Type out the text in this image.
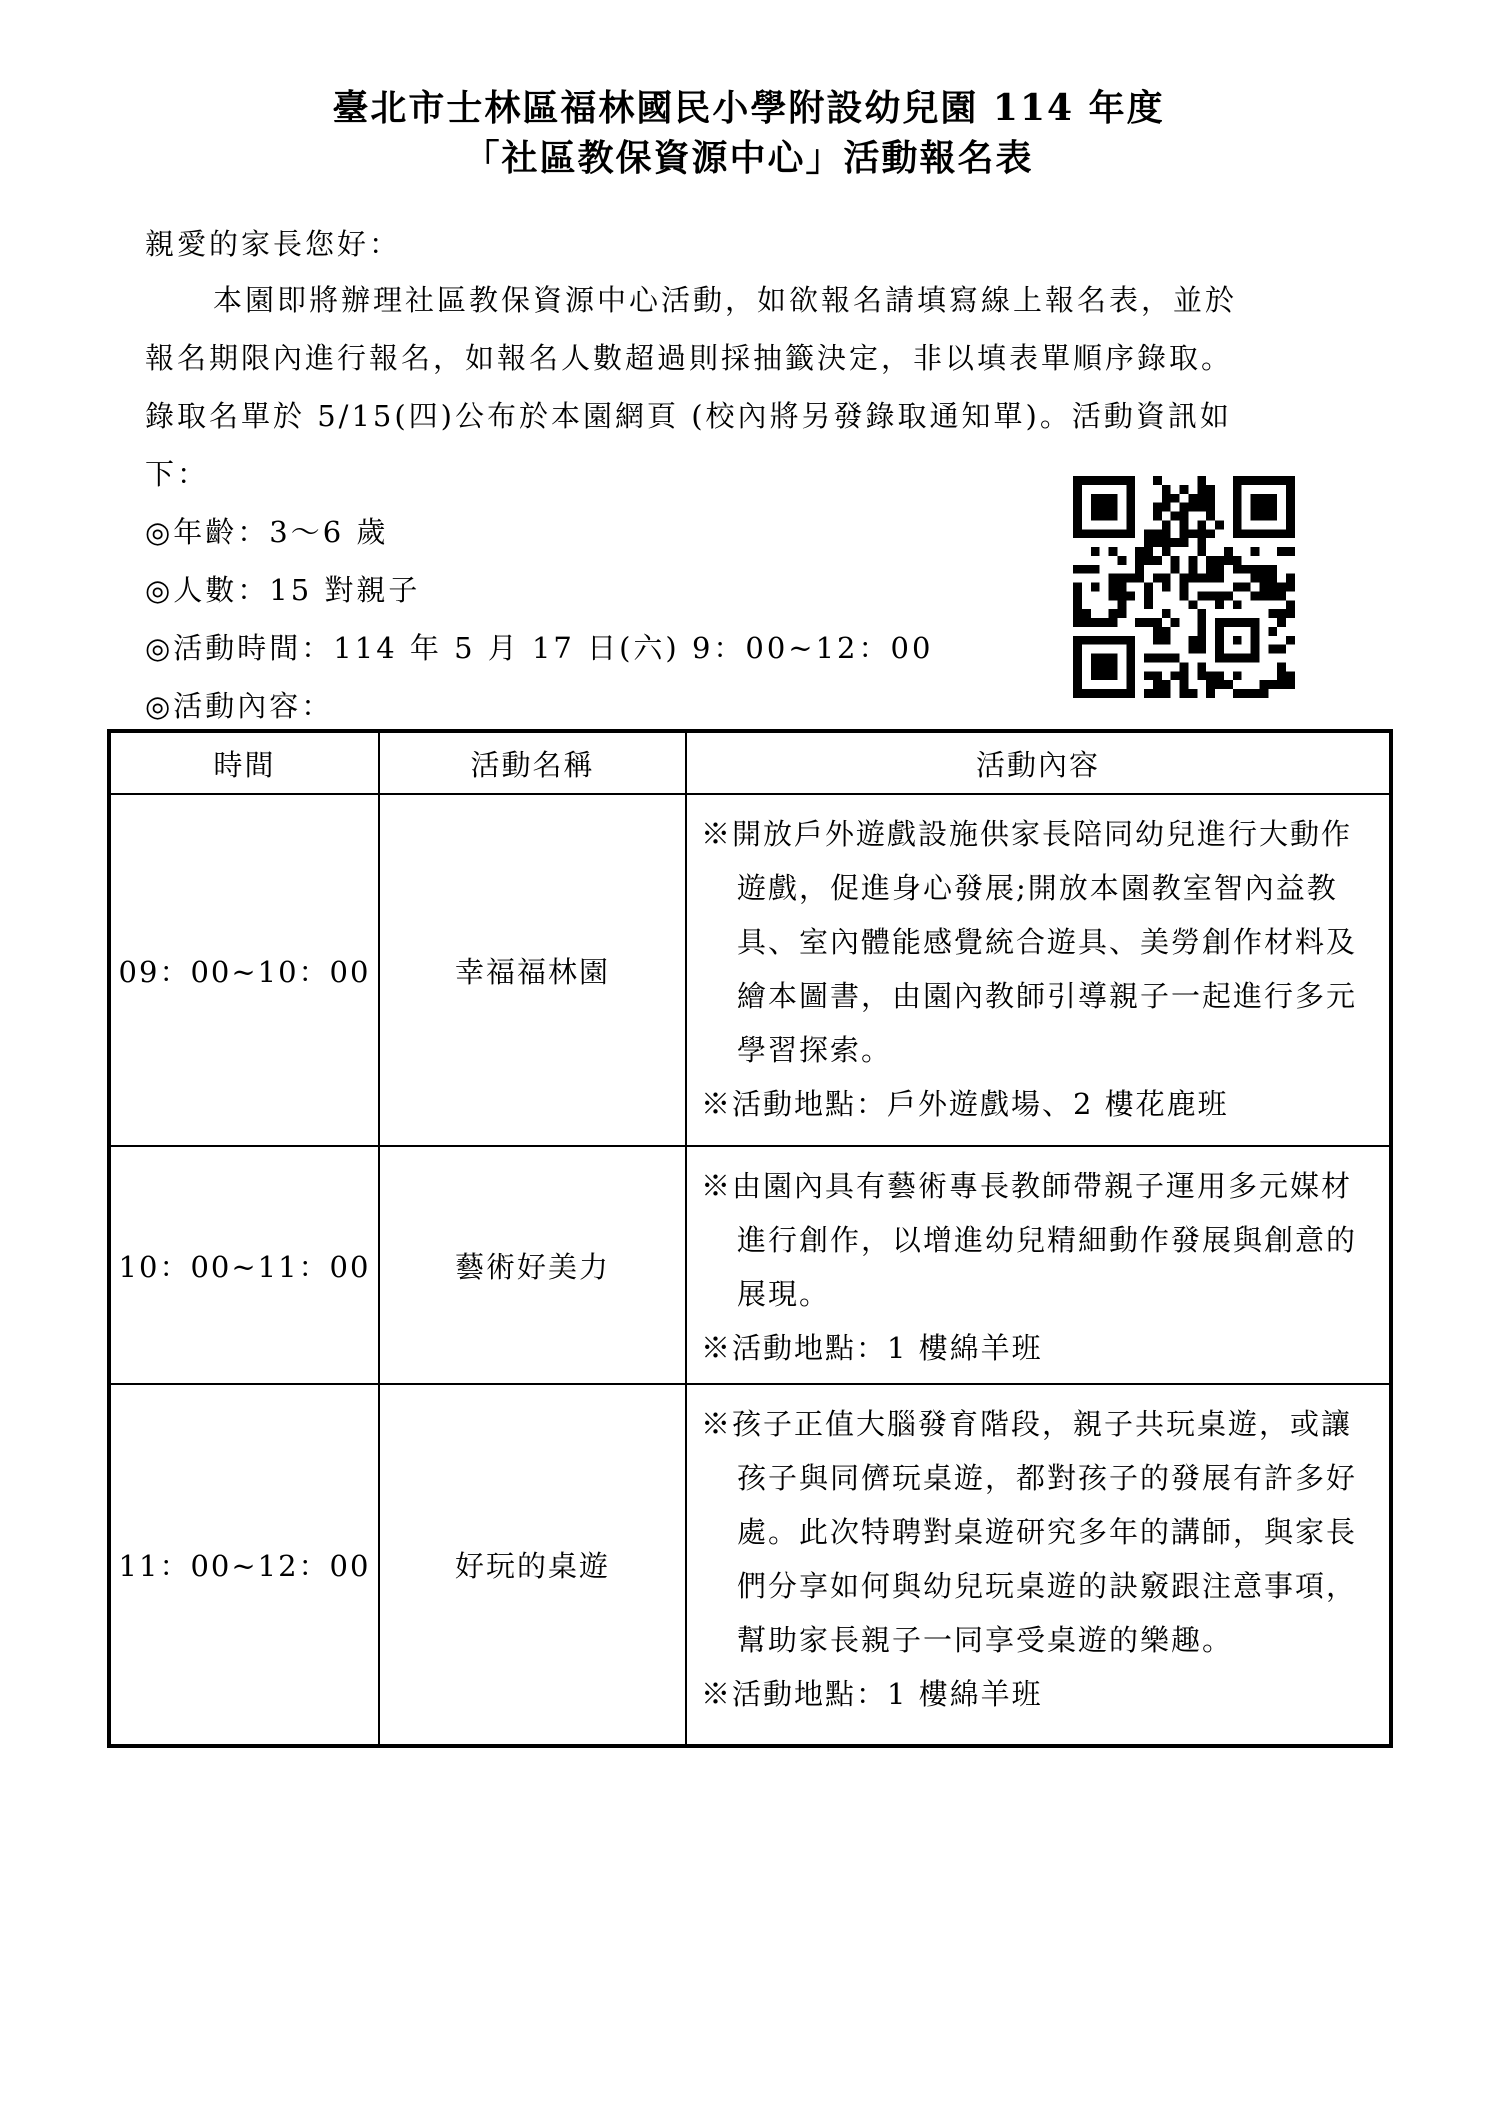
臺北市士林區福林國民小學附設幼兒園 114 年度
「社區教保資源中心」活動報名表
親愛的家長您好：
本園即將辦理社區教保資源中心活動，如欲報名請填寫線上報名表，並於
報名期限內進行報名，如報名人數超過則採抽籤決定，非以填表單順序錄取。
錄取名單於 5/15(四)公布於本園網頁 (校內將另發錄取通知單)。活動資訊如
下：
◎年齡：3～6 歲
◎人數：15 對親子
◎活動時間：114 年 5 月 17 日(六) 9：00~12：00
◎活動內容：
時間	活動名稱	活動內容
09：00~10：00	幸福福林園	※開放戶外遊戲設施供家長陪同幼兒進行大動作遊戲，促進身心發展;開放本園教室智內益教具、室內體能感覺統合遊具、美勞創作材料及繪本圖書，由園內教師引導親子一起進行多元學習探索。
※活動地點：戶外遊戲場、2 樓花鹿班

10：00~11：00	藝術好美力	※由園內具有藝術專長教師帶親子運用多元媒材進行創作，以增進幼兒精細動作發展與創意的展現。
※活動地點：1 樓綿羊班

11：00~12：00	好玩的桌遊	※孩子正值大腦發育階段，親子共玩桌遊，或讓孩子與同儕玩桌遊，都對孩子的發展有許多好處。此次特聘對桌遊研究多年的講師，與家長們分享如何與幼兒玩桌遊的訣竅跟注意事項，幫助家長親子一同享受桌遊的樂趣。
※活動地點：1 樓綿羊班
